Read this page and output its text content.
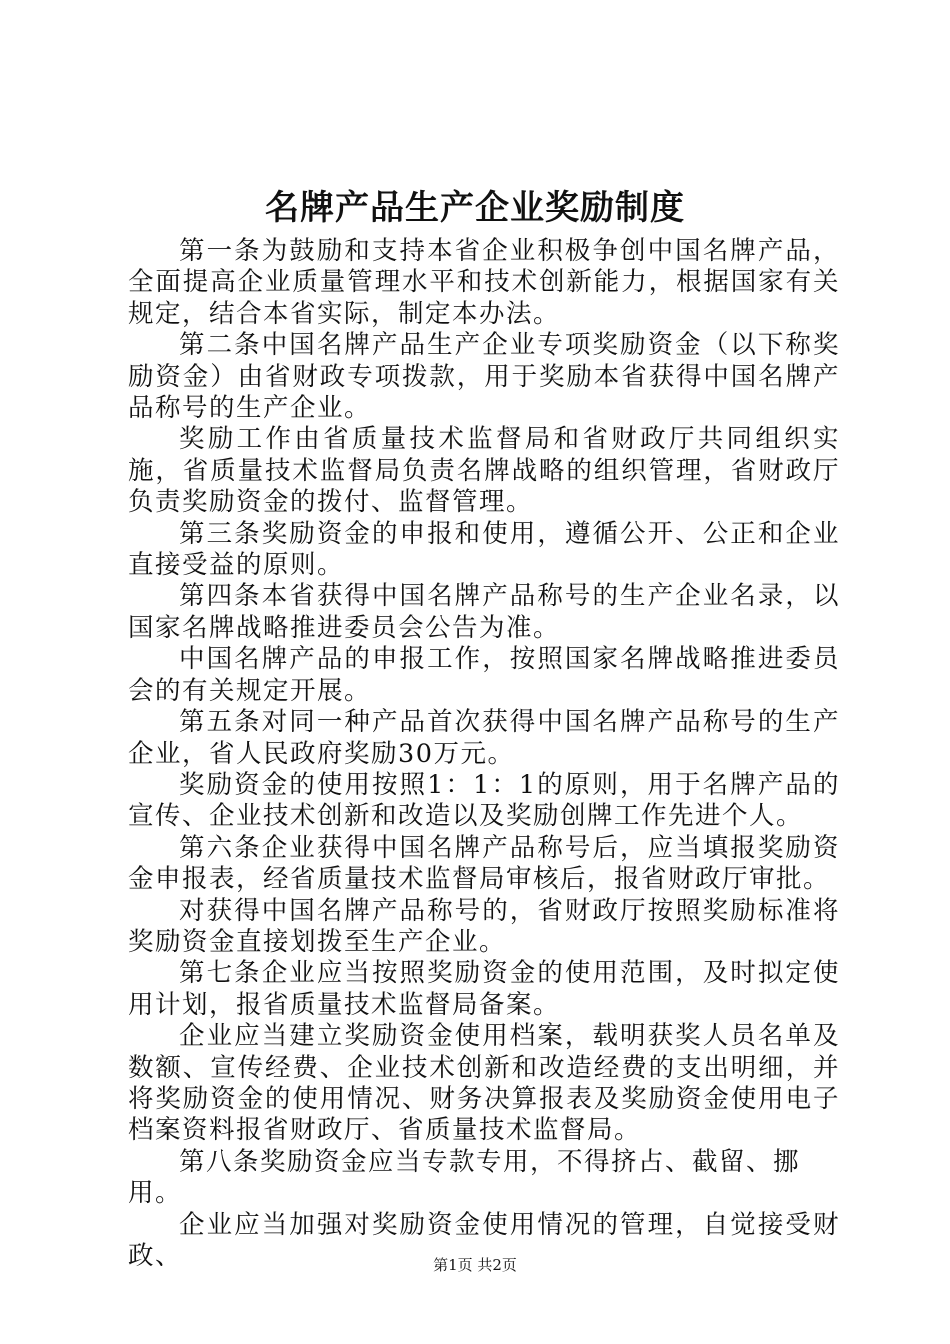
名牌产品生产企业奖励制度

第一条为鼓励和支持本省企业积极争创中国名牌产品，全面提高企业质量管理水平和技术创新能力，根据国家有关规定，结合本省实际，制定本办法。

第二条中国名牌产品生产企业专项奖励资金（以下称奖励资金）由省财政专项拨款，用于奖励本省获得中国名牌产品称号的生产企业。

奖励工作由省质量技术监督局和省财政厅共同组织实施，省质量技术监督局负责名牌战略的组织管理，省财政厅负责奖励资金的拨付、监督管理。

第三条奖励资金的申报和使用，遵循公开、公正和企业直接受益的原则。

第四条本省获得中国名牌产品称号的生产企业名录，以国家名牌战略推进委员会公告为准。

中国名牌产品的申报工作，按照国家名牌战略推进委员会的有关规定开展。

第五条对同一种产品首次获得中国名牌产品称号的生产企业，省人民政府奖励30万元。

奖励资金的使用按照1：1：1的原则，用于名牌产品的宣传、企业技术创新和改造以及奖励创牌工作先进个人。

第六条企业获得中国名牌产品称号后，应当填报奖励资金申报表，经省质量技术监督局审核后，报省财政厅审批。

对获得中国名牌产品称号的，省财政厅按照奖励标准将奖励资金直接划拨至生产企业。

第七条企业应当按照奖励资金的使用范围，及时拟定使用计划，报省质量技术监督局备案。

企业应当建立奖励资金使用档案，载明获奖人员名单及数额、宣传经费、企业技术创新和改造经费的支出明细，并将奖励资金的使用情况、财务决算报表及奖励资金使用电子档案资料报省财政厅、省质量技术监督局。

第八条奖励资金应当专款专用，不得挤占、截留、挪用。

企业应当加强对奖励资金使用情况的管理，自觉接受财政、	第1页 共2页
